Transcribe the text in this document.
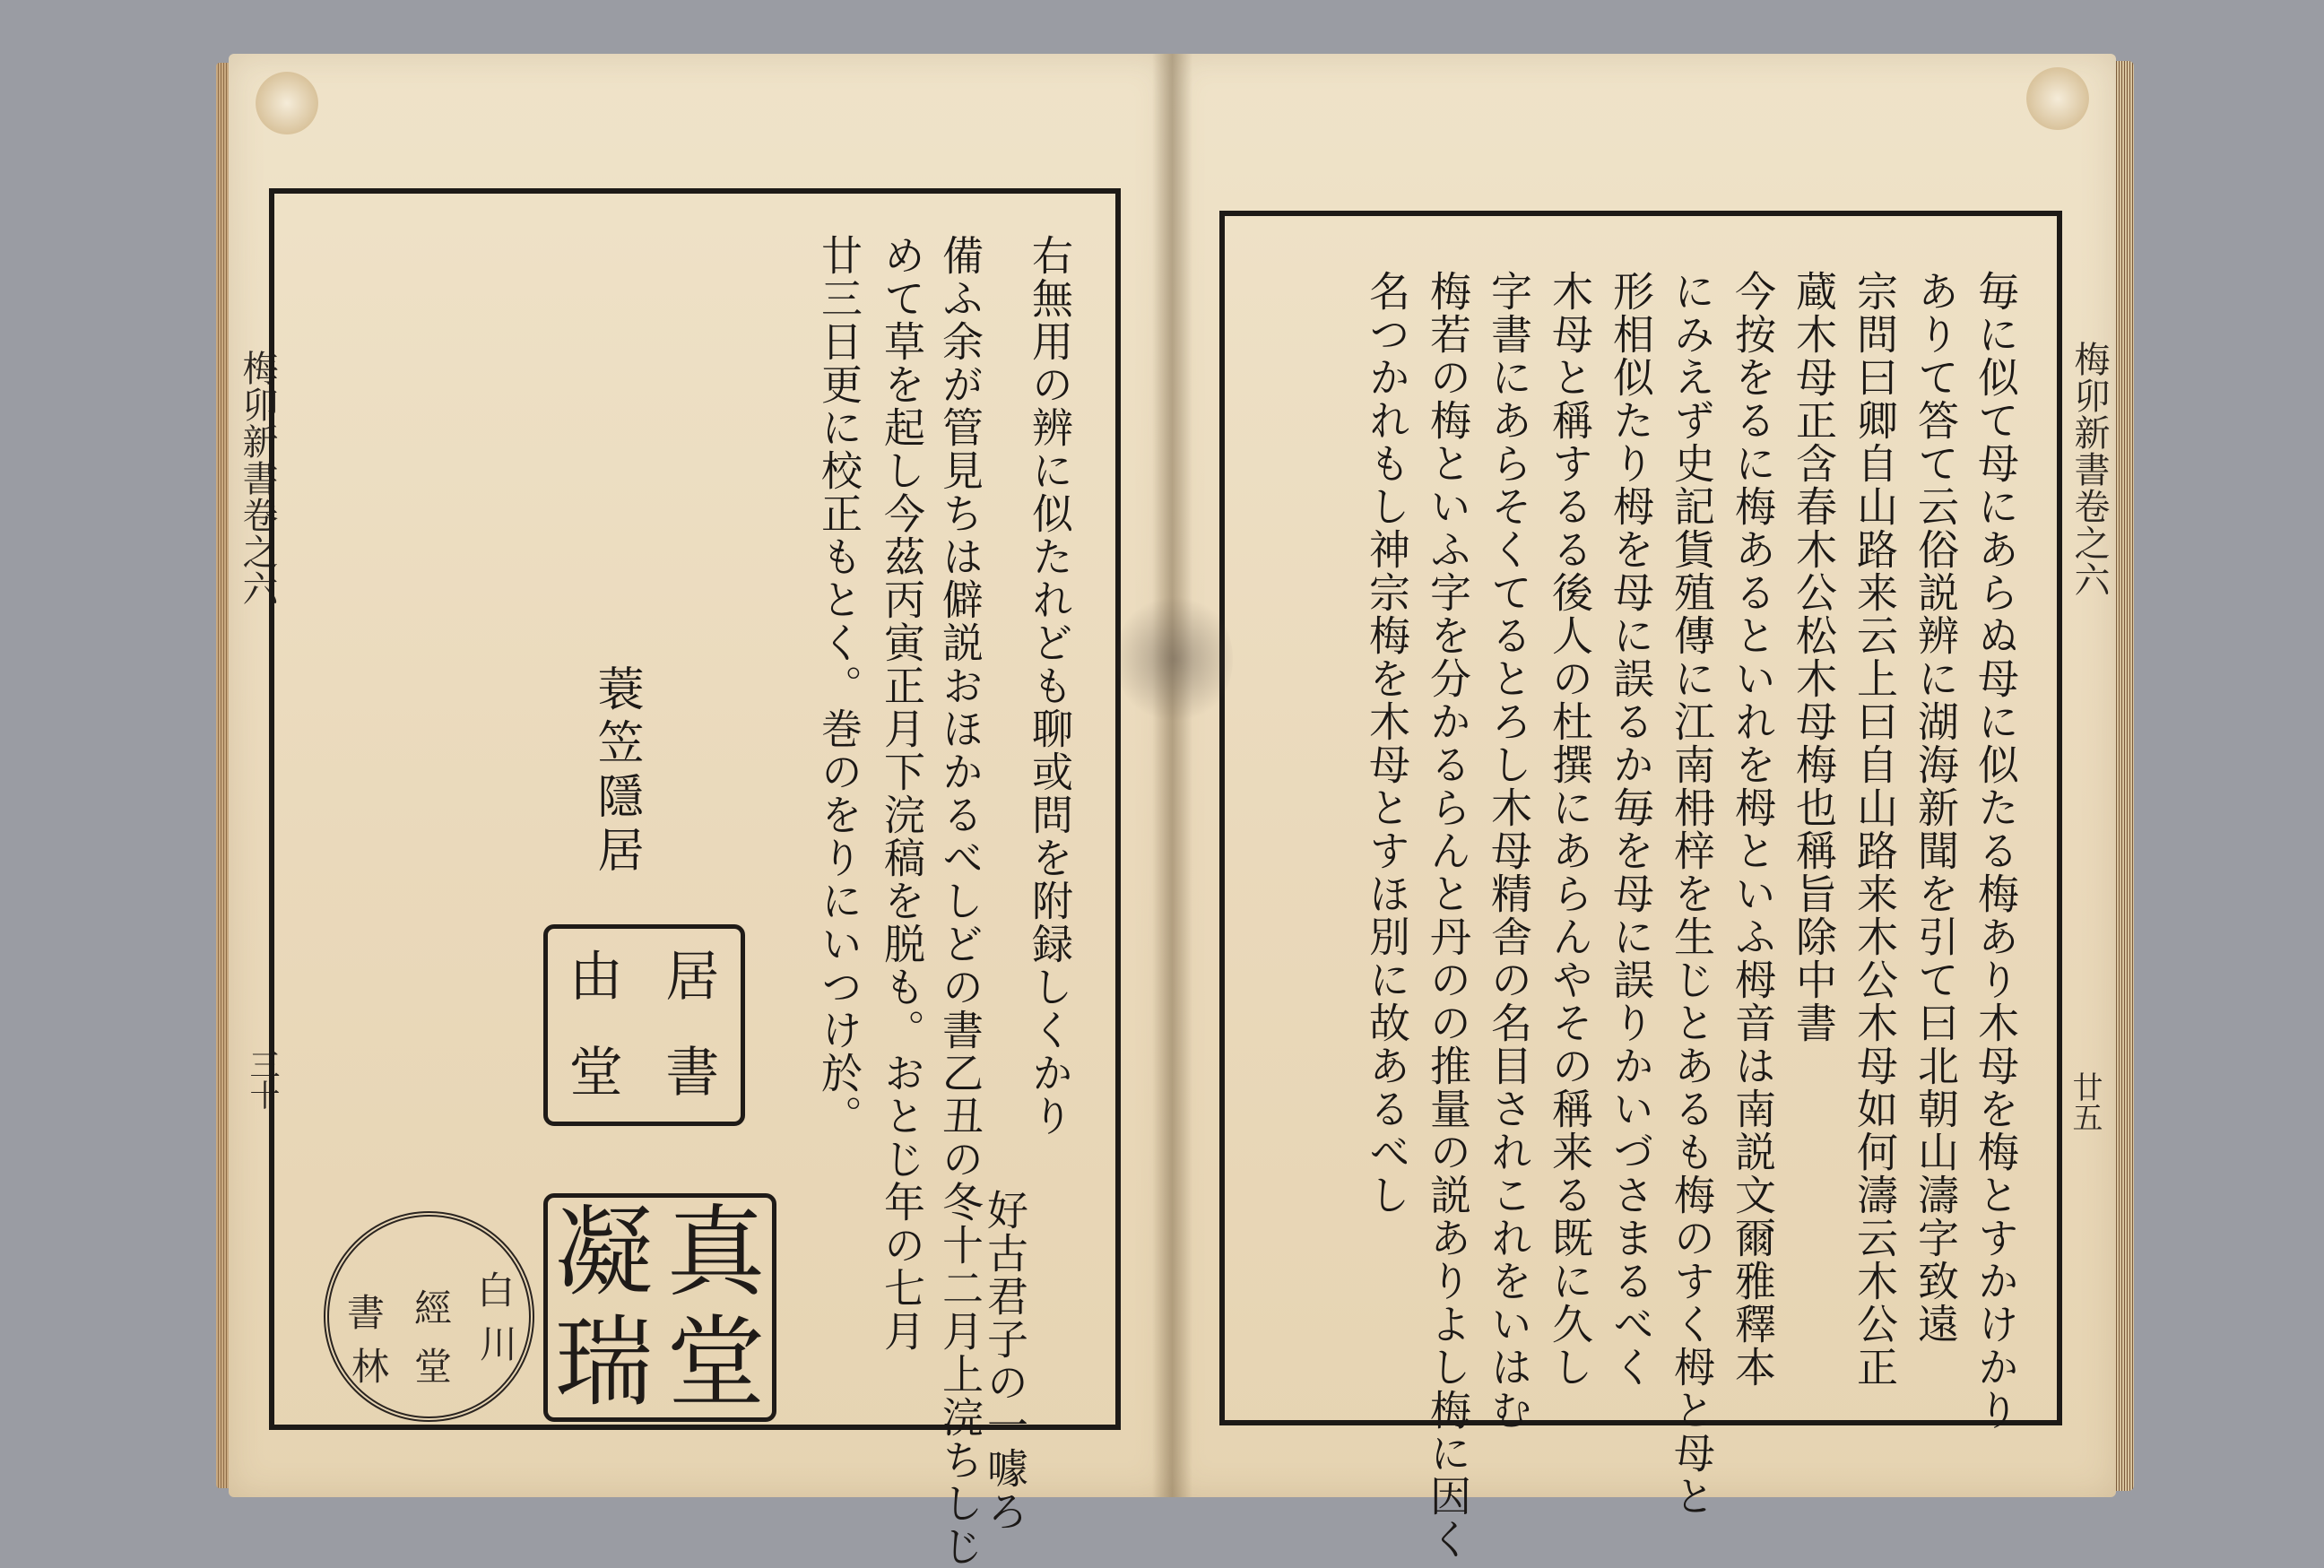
梅卯新書卷之六
三十	右無用の辨に似たれども聊或問を附録しくかり
好古君子の一噱ろ
備ふ余が管見ちは僻説おほかるべしどの書乙丑の冬十二月上浣ちしじ
めて草を起し今茲丙寅正月下浣稿を脱も。おとじ年の七月
廿三日更に校正もとく。巻のをりにいつけ於。
蓑笠隱居
由 居
堂 書
凝 真
瑞 堂
白
川
書
林
經
堂
梅卯新書卷之六
廿五
毎に似て母にあらぬ母に似たる梅あり木母を梅とすかけかり
ありて答て云俗説辨に湖海新聞を引て曰北朝山濤字致遠
宗問曰卿自山路来云上曰自山路来木公木母如何濤云木公正
蔵木母正含春木公松木母梅也稱旨除中書
今按をるに梅あるといれを栂といふ栂音は南説文爾雅釋本
にみえず史記貨殖傳に江南枏梓を生じとあるも梅のすく栂と母と
形相似たり栂を母に誤るか毎を母に誤りかいづさまるべく
木母と稱するる後人の杜撰にあらんやその稱来る既に久し
字書にあらそくてるとろし木母精舎の名目されこれをいはむ
梅若の梅といふ字を分かるらんと丹のの推量の説ありよし梅に因く
名つかれもし神宗梅を木母とすほ別に故あるべし
